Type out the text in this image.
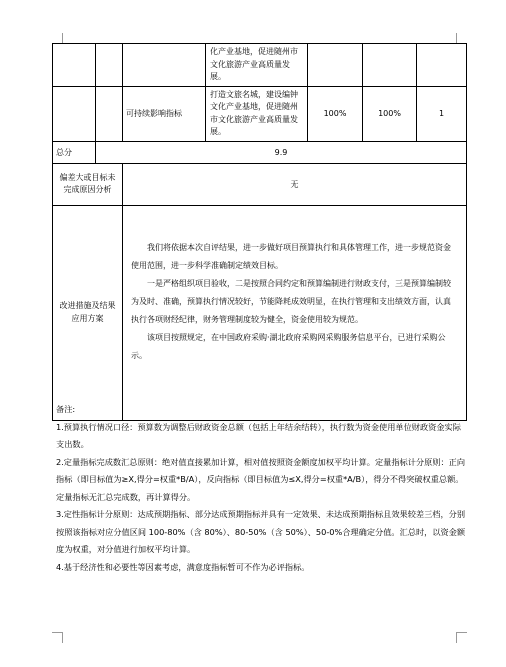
			化产业基地，促进随州市文化旅游产业高质量发展。			
		可持续影响指标	打造文旅名城，建设编钟文化产业基地，促进随州市文化旅游产业高质量发展。	100%	100%	1
总分	9.9					
偏差大或目标未完成原因分析		无				
改进措施及结果应用方案		我们将依据本次自评结果，进一步做好项目预算执行和具体管理工作，进一步规范资金使用范围，进一步科学准确制定绩效目标。

一是严格组织项目验收，二是按照合同约定和预算编制进行财政支付，三是预算编制较为及时、准确，预算执行情况较好，节能降耗成效明显，在执行管理和支出绩效方面，认真执行各项财经纪律，财务管理制度较为健全，资金使用较为规范。

该项目按照规定，在中国政府采购·湖北政府采购网采购服务信息平台，已进行采购公示。				

备注:

1.预算执行情况口径：预算数为调整后财政资金总额（包括上年结余结转），执行数为资金使用单位财政资金实际支出数。

2.定量指标完成数汇总原则：绝对值直接累加计算，相对值按照资金额度加权平均计算。定量指标计分原则：正向指标（即目标值为≥X,得分=权重*B/A），反向指标（即目标值为≤X,得分=权重*A/B），得分不得突破权重总额。定量指标无汇总完成数，再计算得分。

3.定性指标计分原则：达成预期指标、部分达成预期指标并具有一定效果、未达成预期指标且效果较差三档，分别按照该指标对应分值区间 100-80%（含 80%）、80-50%（含 50%）、50-0%合理确定分值。汇总时，以资金额度为权重，对分值进行加权平均计算。

4.基于经济性和必要性等因素考虑，满意度指标暂可不作为必评指标。
